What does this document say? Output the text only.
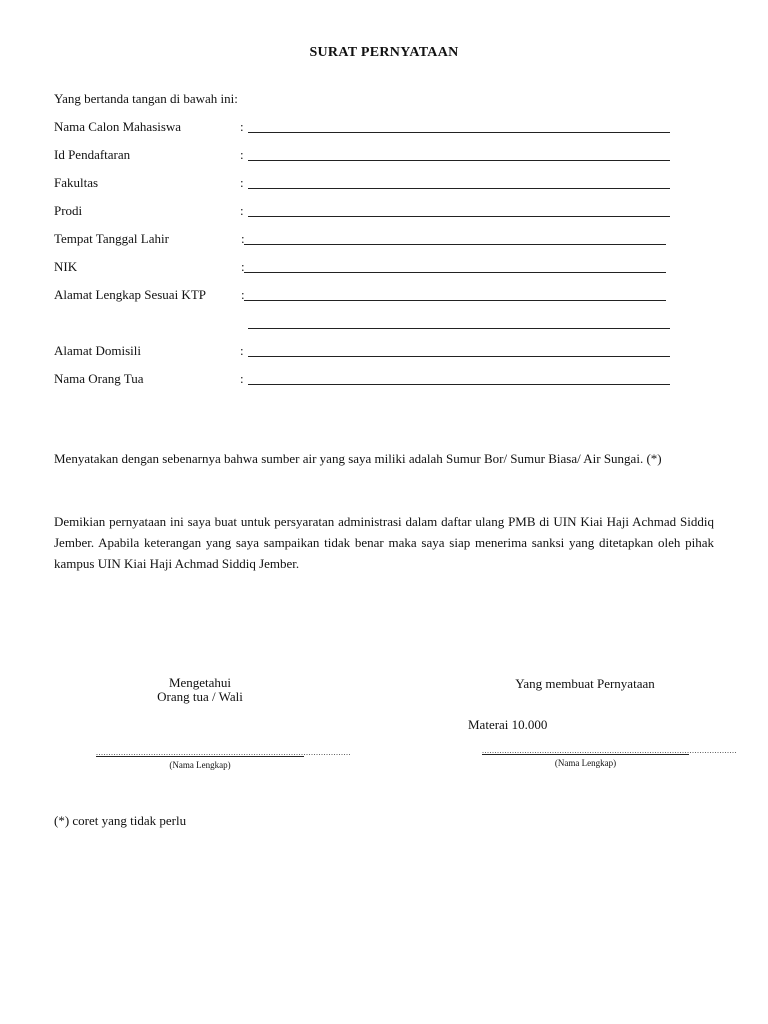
SURAT PERNYATAAN
Yang bertanda tangan di bawah ini:
Nama Calon Mahasiswa	:
Id Pendaftaran	:
Fakultas	:
Prodi	:
Tempat Tanggal Lahir	:
NIK	:
Alamat Lengkap Sesuai KTP	:
Alamat Domisili	:
Nama Orang Tua	:
Menyatakan dengan sebenarnya bahwa sumber air yang saya miliki adalah Sumur Bor/ Sumur Biasa/ Air Sungai. (*)
Demikian pernyataan ini saya buat untuk persyaratan administrasi dalam daftar ulang PMB di UIN Kiai Haji Achmad Siddiq Jember. Apabila keterangan yang saya sampaikan tidak benar maka saya siap menerima sanksi yang ditetapkan oleh pihak kampus UIN Kiai Haji Achmad Siddiq Jember.
Mengetahui
Orang tua / Wali
......................................................................................................
(Nama Lengkap)
Yang membuat Pernyataan
Materai 10.000
......................................................................................................
(Nama Lengkap)
(*) coret yang tidak perlu
